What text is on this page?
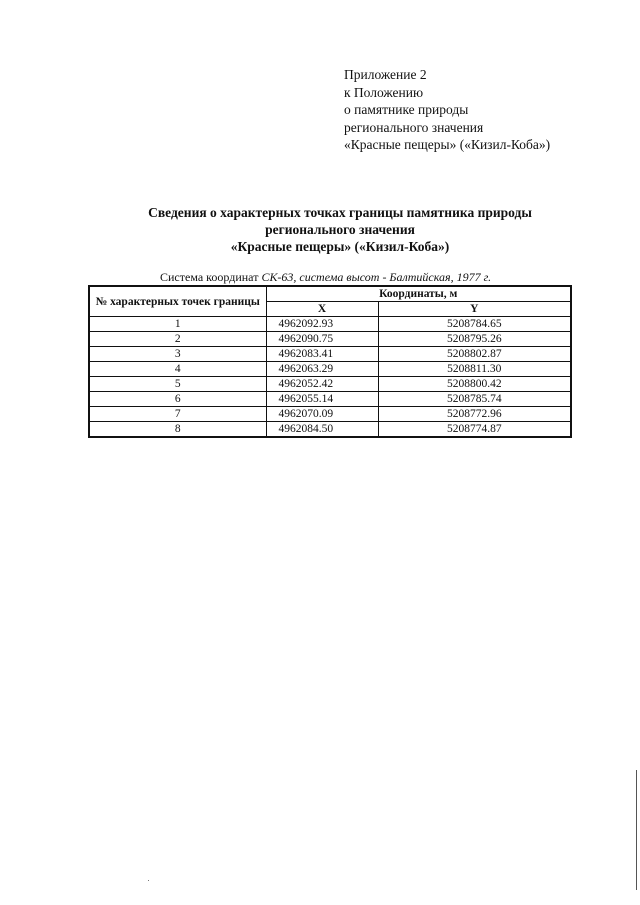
Приложение 2
к Положению
о памятнике природы
регионального значения
«Красные пещеры» («Кизил-Коба»)
Сведения о характерных точках границы памятника природы
регионального значения
«Красные пещеры» («Кизил-Коба»)
Система координат СК-63, система высот - Балтийская, 1977 г.
№ характерных точек границы	Координаты, м	
	X	Y
1	4962092.93	5208784.65
2	4962090.75	5208795.26
3	4962083.41	5208802.87
4	4962063.29	5208811.30
5	4962052.42	5208800.42
6	4962055.14	5208785.74
7	4962070.09	5208772.96
8	4962084.50	5208774.87
